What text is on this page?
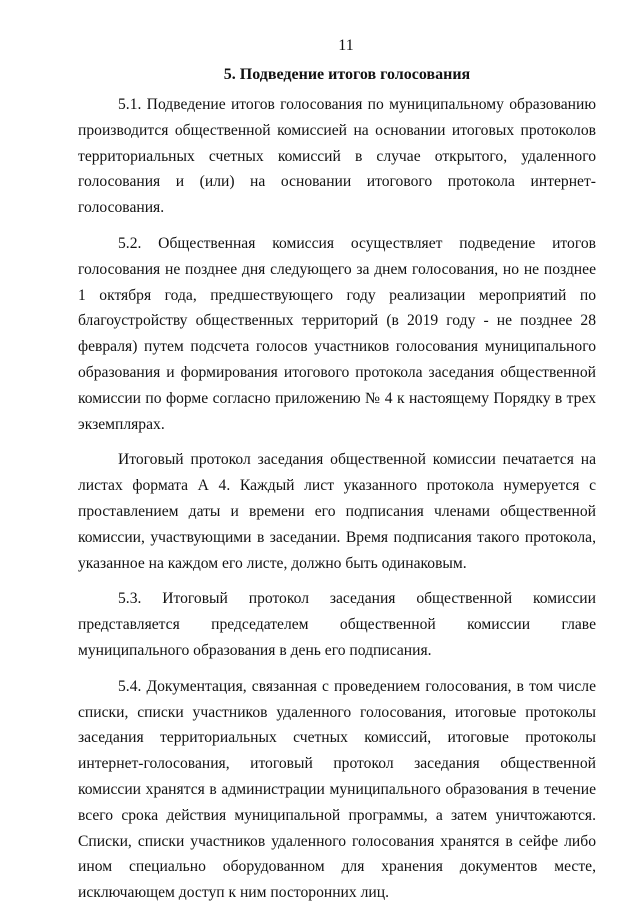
11
5. Подведение итогов голосования

5.1. Подведение итогов голосования по муниципальному образованию производится общественной комиссией на основании итоговых протоколов территориальных счетных комиссий в случае открытого, удаленного голосования и (или) на основании итогового протокола интернет-голосования.

5.2. Общественная комиссия осуществляет подведение итогов голосования не позднее дня следующего за днем голосования, но не позднее 1 октября года, предшествующего году реализации мероприятий по благоустройству общественных территорий (в 2019 году - не позднее 28 февраля) путем подсчета голосов участников голосования муниципального образования и формирования итогового протокола заседания общественной комиссии по форме согласно приложению № 4 к настоящему Порядку в трех экземплярах.

Итоговый протокол заседания общественной комиссии печатается на листах формата А 4. Каждый лист указанного протокола нумеруется с проставлением даты и времени его подписания членами общественной комиссии, участвующими в заседании. Время подписания такого протокола, указанное на каждом его листе, должно быть одинаковым.

5.3. Итоговый протокол заседания общественной комиссии представляется председателем общественной комиссии главе муниципального образования в день его подписания.

5.4. Документация, связанная с проведением голосования, в том числе списки, списки участников удаленного голосования, итоговые протоколы заседания территориальных счетных комиссий, итоговые протоколы интернет-голосования, итоговый протокол заседания общественной комиссии хранятся в администрации муниципального образования в течение всего срока действия муниципальной программы, а затем уничтожаются. Списки, списки участников удаленного голосования хранятся в сейфе либо ином специально оборудованном для хранения документов месте, исключающем доступ к ним посторонних лиц.
